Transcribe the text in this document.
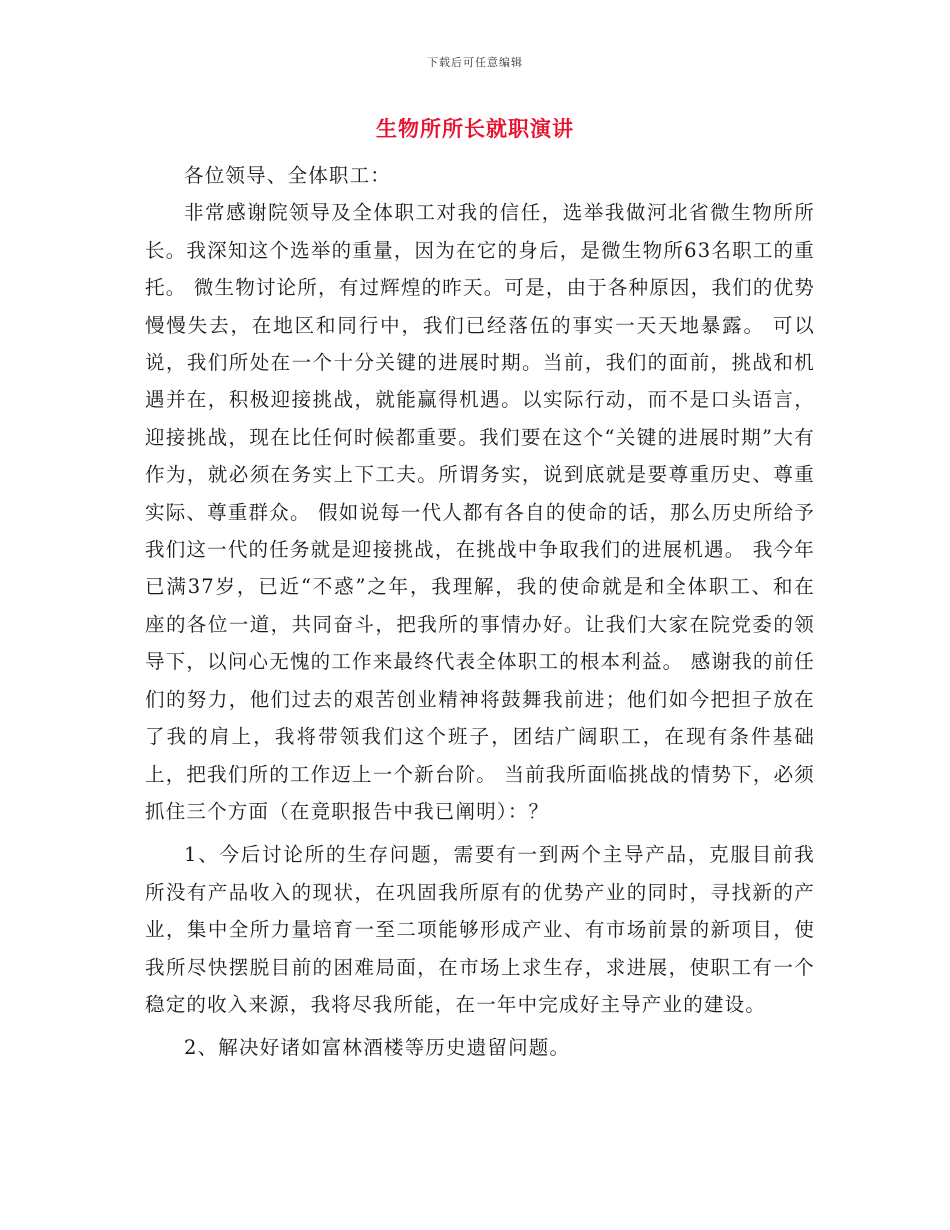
下载后可任意编辑
生物所所长就职演讲

各位领导、全体职工：

非常感谢院领导及全体职工对我的信任，选举我做河北省微生物所所长。我深知这个选举的重量，因为在它的身后，是微生物所63名职工的重托。 微生物讨论所，有过辉煌的昨天。可是，由于各种原因，我们的优势慢慢失去，在地区和同行中，我们已经落伍的事实一天天地暴露。 可以说，我们所处在一个十分关键的进展时期。当前，我们的面前，挑战和机遇并在，积极迎接挑战，就能赢得机遇。以实际行动，而不是口头语言，迎接挑战，现在比任何时候都重要。我们要在这个“关键的进展时期”大有作为，就必须在务实上下工夫。所谓务实，说到底就是要尊重历史、尊重实际、尊重群众。 假如说每一代人都有各自的使命的话，那么历史所给予我们这一代的任务就是迎接挑战，在挑战中争取我们的进展机遇。 我今年已满37岁，已近“不惑”之年，我理解，我的使命就是和全体职工、和在座的各位一道，共同奋斗，把我所的事情办好。让我们大家在院党委的领导下，以问心无愧的工作来最终代表全体职工的根本利益。 感谢我的前任们的努力，他们过去的艰苦创业精神将鼓舞我前进；他们如今把担子放在了我的肩上，我将带领我们这个班子，团结广阔职工，在现有条件基础上，把我们所的工作迈上一个新台阶。 当前我所面临挑战的情势下，必须抓住三个方面（在竟职报告中我已阐明）：？

1、今后讨论所的生存问题，需要有一到两个主导产品，克服目前我所没有产品收入的现状，在巩固我所原有的优势产业的同时，寻找新的产业，集中全所力量培育一至二项能够形成产业、有市场前景的新项目，使我所尽快摆脱目前的困难局面，在市场上求生存，求进展，使职工有一个稳定的收入来源，我将尽我所能，在一年中完成好主导产业的建设。

2、解决好诸如富林酒楼等历史遗留问题。
